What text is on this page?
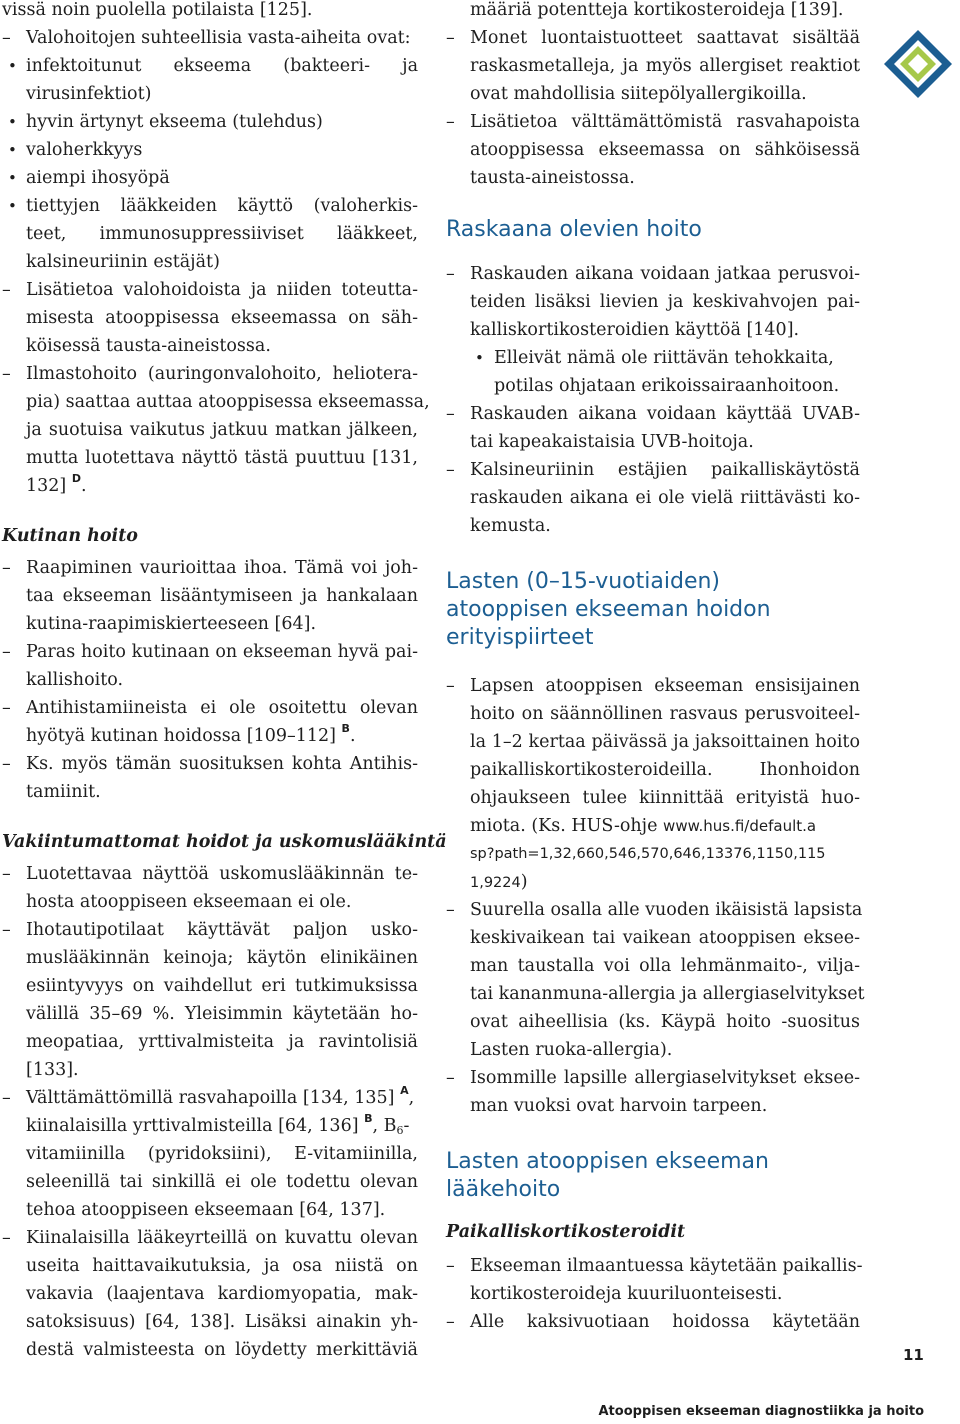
vissä noin puolella potilaista [125].
– Valohoitojen suhteellisia vasta-aiheita ovat:
• infektoitunut ekseema (bakteeri- ja
virusinfektiot)
• hyvin ärtynyt ekseema (tulehdus)
• valoherkkyys
• aiempi ihosyöpä
• tiettyjen lääkkeiden käyttö (valoherkis-
teet, immunosuppressiiviset lääkkeet,
kalsineuriinin estäjät)
– Lisätietoa valohoidoista ja niiden toteutta-
misesta atooppisessa ekseemassa on säh-
köisessä tausta-aineistossa.
– Ilmastohoito (auringonvalohoito, heliotera-
pia) saattaa auttaa atooppisessa ekseemassa,
ja suotuisa vaikutus jatkuu matkan jälkeen,
mutta luotettava näyttö tästä puuttuu [131,
132] $^D$.
Kutinan hoito
– Raapiminen vaurioittaa ihoa. Tämä voi joh-
taa ekseeman lisääntymiseen ja hankalaan
kutina-raapimiskierteeseen [64].
– Paras hoito kutinaan on ekseeman hyvä pai-
kallishoito.
– Antihistamiineista ei ole osoitettu olevan
hyötyä kutinan hoidossa [109–112] $^B$.
– Ks. myös tämän suosituksen kohta Antihis-
tamiinit.
Vakiintumattomat hoidot ja uskomuslääkintä
– Luotettavaa näyttöä uskomuslääkinnän te-
hosta atooppiseen ekseemaan ei ole.
– Ihotautipotilaat käyttävät paljon usko-
muslääkinnän keinoja; käytön elinikäinen
esiintyvyys on vaihdellut eri tutkimuksissa
välillä 35–69 %. Yleisimmin käytetään ho-
meopatiaa, yrttivalmisteita ja ravintolisiä
[133].
– Välttämättömillä rasvahapoilla [134, 135] $^A$,
kiinalaisilla yrttivalmisteilla [64, 136] $^B$, $B_6-$
vitamiinilla (pyridoksiini), E-vitamiinilla,
seleenillä tai sinkillä ei ole todettu olevan
tehoa atooppiseen ekseemaan [64, 137].
– Kiinalaisilla lääkeyrteillä on kuvattu olevan
useita haittavaikutuksia, ja osa niistä on
vakavia (laajentava kardiomyopatia, mak-
satoksisuus) [64, 138]. Lisäksi ainakin yh-
destä valmisteesta on löydetty merkittäviä
määriä potentteja kortikosteroideja [139].
– Monet luontaistuotteet saattavat sisältää
raskasmetalleja, ja myös allergiset reaktiot
ovat mahdollisia siitepölyallergikoilla.
– Lisätietoa välttämättömistä rasvahapoista
atooppisessa ekseemassa on sähköisessä
tausta-aineistossa.
Raskaana olevien hoito
– Raskauden aikana voidaan jatkaa perusvoi-
teiden lisäksi lievien ja keskivahvojen pai-
kalliskortikosteroidien käyttöä [140].
• Elleivät nämä ole riittävän tehokkaita,
potilas ohjataan erikoissairaanhoitoon.
– Raskauden aikana voidaan käyttää UVAB-
tai kapeakaistaisia UVB-hoitoja.
– Kalsineuriinin estäjien paikalliskäytöstä
raskauden aikana ei ole vielä riittävästi ko-
kemusta.
Lasten (0–15-vuotiaiden)
atooppisen ekseeman hoidon
erityispiirteet
– Lapsen atooppisen ekseeman ensisijainen
hoito on säännöllinen rasvaus perusvoiteel-
la 1–2 kertaa päivässä ja jaksoittainen hoito
paikalliskortikosteroideilla. Ihonhoidon
ohjaukseen tulee kiinnittää erityistä huo-
miota. (Ks. HUS-ohje www.hus.fi/default.a
sp?path=1,32,660,546,570,646,13376,1150,115
1,9224)
– Suurella osalla alle vuoden ikäisistä lapsista
keskivaikean tai vaikean atooppisen eksee-
man taustalla voi olla lehmänmaito-, vilja-
tai kananmuna-allergia ja allergiaselvitykset
ovat aiheellisia (ks. Käypä hoito -suositus
Lasten ruoka-allergia).
– Isommille lapsille allergiaselvitykset eksee-
man vuoksi ovat harvoin tarpeen.
Lasten atooppisen ekseeman
lääkehoito
Paikalliskortikosteroidit
– Ekseeman ilmaantuessa käytetään paikallis-
kortikosteroideja kuuriluonteisesti.
– Alle kaksivuotiaan hoidossa käytetään
11
Atooppisen ekseeman diagnostiikka ja hoito
